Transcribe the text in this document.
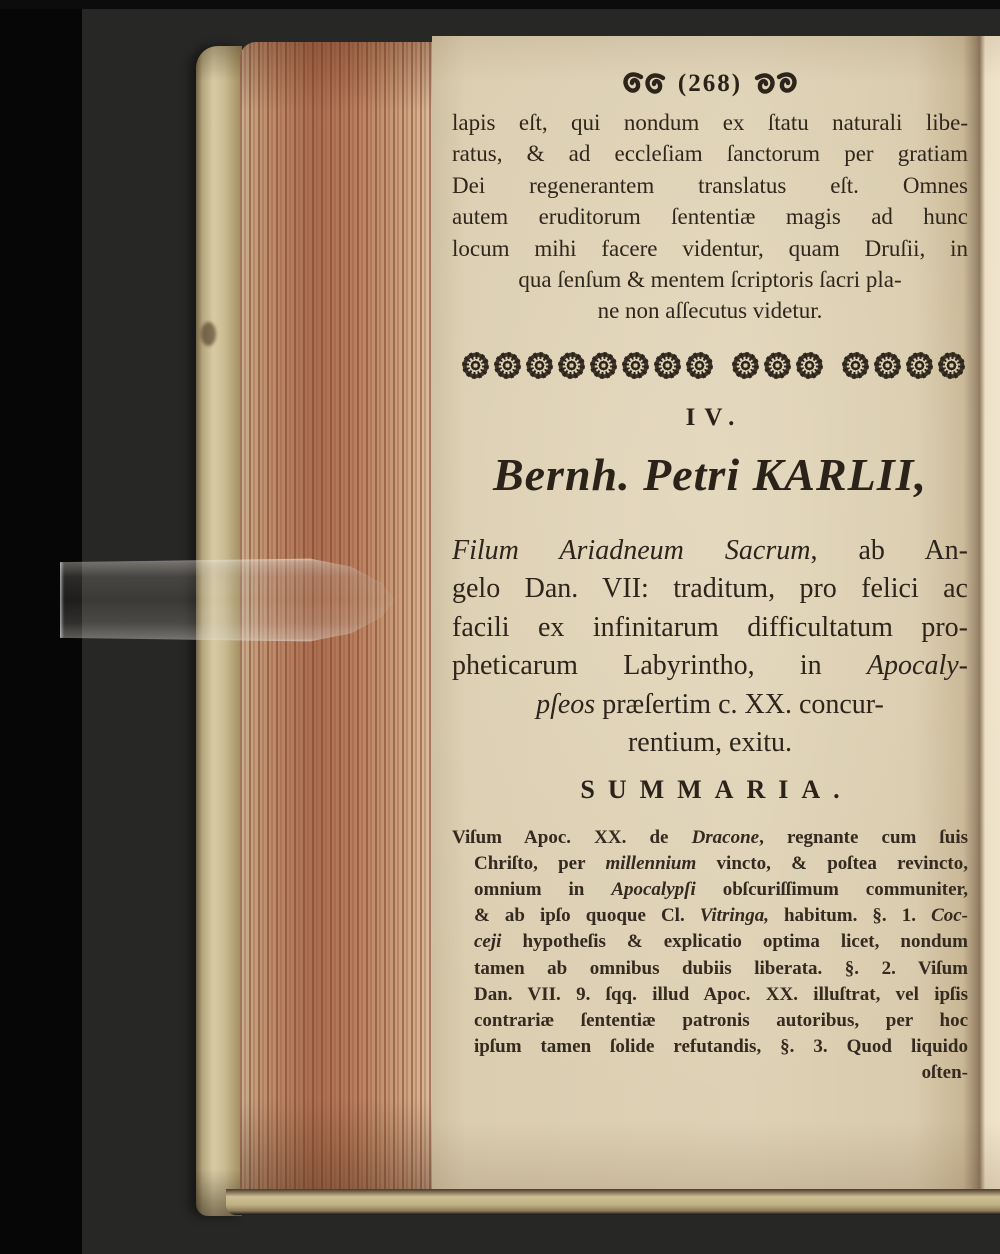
(268)
lapis eſt, qui nondum ex ſtatu naturali libe-
ratus, & ad eccleſiam ſanctorum per gratiam
Dei regenerantem translatus eſt. Omnes
autem eruditorum ſententiæ magis ad hunc
locum mihi facere videntur, quam Druſii, in
qua ſenſum & mentem ſcriptoris ſacri pla-
ne non aſſecutus videtur.
IV.
Bernh. Petri KARLII,
Filum Ariadneum Sacrum, ab An-
gelo Dan. VII: traditum, pro felici ac
facili ex infinitarum difficultatum pro-
pheticarum Labyrintho, in Apocaly-
pſeos præſertim c. XX. concur-
rentium, exitu.
SUMMARIA.
Viſum Apoc. XX. de Dracone, regnante cum ſuis
Chriſto, per millennium vincto, & poſtea revincto,
omnium in Apocalypſi obſcuriſſimum communiter,
& ab ipſo quoque Cl. Vitringa, habitum. §. 1. Coc-
ceji hypotheſis & explicatio optima licet, nondum
tamen ab omnibus dubiis liberata. §. 2. Viſum
Dan. VII. 9. ſqq. illud Apoc. XX. illuſtrat, vel ipſis
contrariæ ſententiæ patronis autoribus, per hoc
ipſum tamen ſolide refutandis, §. 3. Quod liquido
oſten-
